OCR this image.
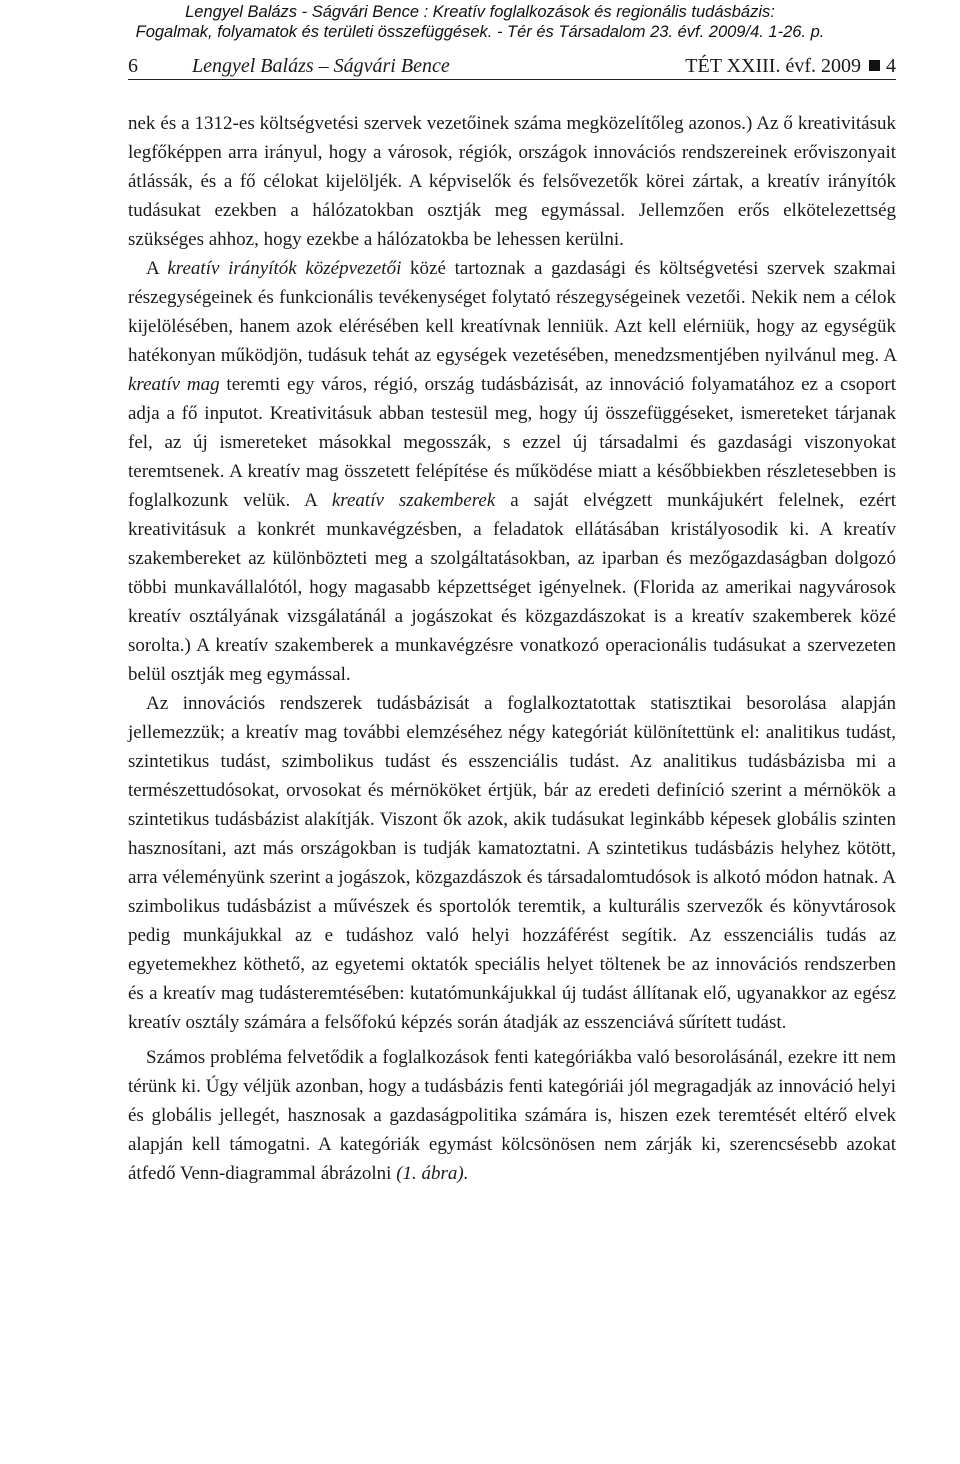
Lengyel Balázs - Ságvári Bence : Kreatív foglalkozások és regionális tudásbázis:
Fogalmak, folyamatok és területi összefüggések. - Tér és Társadalom 23. évf. 2009/4. 1-26. p.
6	Lengyel Balázs – Ságvári Bence	TÉT XXIII. évf. 2009 4

nek és a 1312-es költségvetési szervek vezetőinek száma megközelítőleg azonos.) Az ő kreativitásuk legfőképpen arra irányul, hogy a városok, régiók, országok innovációs rendszereinek erőviszonyait átlássák, és a fő célokat kijelöljék. A képviselők és felsővezetők körei zártak, a kreatív irányítók tudásukat ezekben a hálózatokban osztják meg egymással. Jellemzően erős elkötelezettség szükséges ahhoz, hogy ezekbe a hálózatokba be lehessen kerülni.

A kreatív irányítók középvezetői közé tartoznak a gazdasági és költségvetési szervek szakmai részegységeinek és funkcionális tevékenységet folytató részegységeinek vezetői. Nekik nem a célok kijelölésében, hanem azok elérésében kell kreatívnak lenniük. Azt kell elérniük, hogy az egységük hatékonyan működjön, tudásuk tehát az egységek vezetésében, menedzsmentjében nyilvánul meg. A kreatív mag teremti egy város, régió, ország tudásbázisát, az innováció folyamatához ez a csoport adja a fő inputot. Kreativitásuk abban testesül meg, hogy új összefüggéseket, ismereteket tárjanak fel, az új ismereteket másokkal megosszák, s ezzel új társadalmi és gazdasági viszonyokat teremtsenek. A kreatív mag összetett felépítése és működése miatt a későbbiekben részletesebben is foglalkozunk velük. A kreatív szakemberek a saját elvégzett munkájukért felelnek, ezért kreativitásuk a konkrét munkavégzésben, a feladatok ellátásában kristályosodik ki. A kreatív szakembereket az különbözteti meg a szolgáltatásokban, az iparban és mezőgazdaságban dolgozó többi munkavállalótól, hogy magasabb képzettséget igényelnek. (Florida az amerikai nagyvárosok kreatív osztályának vizsgálatánál a jogászokat és közgazdászokat is a kreatív szakemberek közé sorolta.) A kreatív szakemberek a munkavégzésre vonatkozó operacionális tudásukat a szervezeten belül osztják meg egymással.

Az innovációs rendszerek tudásbázisát a foglalkoztatottak statisztikai besorolása alapján jellemezzük; a kreatív mag további elemzéséhez négy kategóriát különítettünk el: analitikus tudást, szintetikus tudást, szimbolikus tudást és esszenciális tudást. Az analitikus tudásbázisba mi a természettudósokat, orvosokat és mérnököket értjük, bár az eredeti definíció szerint a mérnökök a szintetikus tudásbázist alakítják. Viszont ők azok, akik tudásukat leginkább képesek globális szinten hasznosítani, azt más országokban is tudják kamatoztatni. A szintetikus tudásbázis helyhez kötött, arra véleményünk szerint a jogászok, közgazdászok és társadalomtudósok is alkotó módon hatnak. A szimbolikus tudásbázist a művészek és sportolók teremtik, a kulturális szervezők és könyvtárosok pedig munkájukkal az e tudáshoz való helyi hozzáférést segítik. Az esszenciális tudás az egyetemekhez köthető, az egyetemi oktatók speciális helyet töltenek be az innovációs rendszerben és a kreatív mag tudásteremtésében: kutatómunkájukkal új tudást állítanak elő, ugyanakkor az egész kreatív osztály számára a felsőfokú képzés során átadják az esszenciává sűrített tudást.

Számos probléma felvetődik a foglalkozások fenti kategóriákba való besorolásánál, ezekre itt nem térünk ki. Úgy véljük azonban, hogy a tudásbázis fenti kategóriái jól megragadják az innováció helyi és globális jellegét, hasznosak a gazdaságpolitika számára is, hiszen ezek teremtését eltérő elvek alapján kell támogatni. A kategóriák egymást kölcsönösen nem zárják ki, szerencsésebb azokat átfedő Venn-diagrammal ábrázolni (1. ábra).
